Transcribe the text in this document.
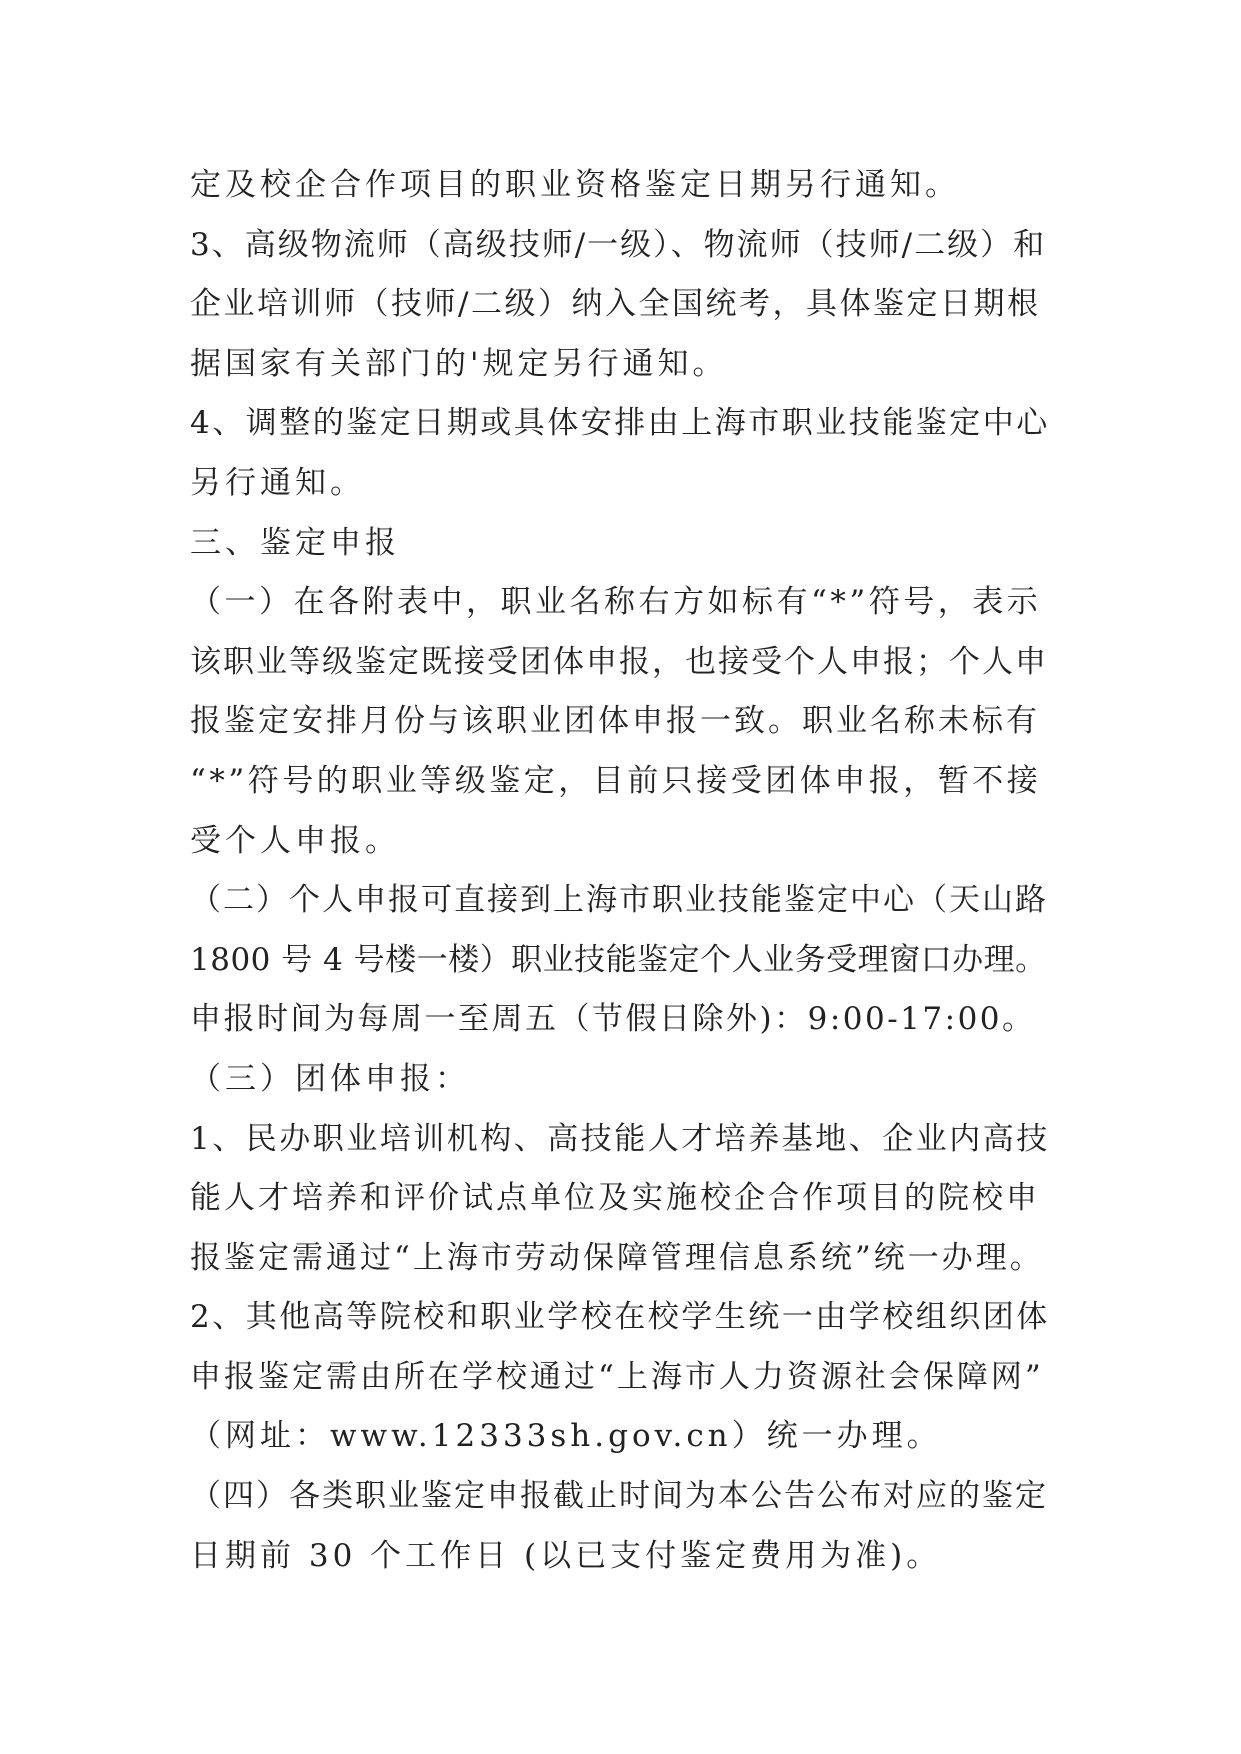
定及校企合作项目的职业资格鉴定日期另行通知。
3、高级物流师（高级技师/一级）、物流师（技师/二级）和
企业培训师（技师/二级）纳入全国统考，具体鉴定日期根
据国家有关部门的'规定另行通知。
4、调整的鉴定日期或具体安排由上海市职业技能鉴定中心
另行通知。
三、鉴定申报
（一）在各附表中，职业名称右方如标有“*”符号，表示
该职业等级鉴定既接受团体申报，也接受个人申报；个人申
报鉴定安排月份与该职业团体申报一致。职业名称未标有
“*”符号的职业等级鉴定，目前只接受团体申报，暂不接
受个人申报。
（二）个人申报可直接到上海市职业技能鉴定中心（天山路
1800 号 4 号楼一楼）职业技能鉴定个人业务受理窗口办理。
申报时间为每周一至周五（节假日除外)：9:00-17:00。
（三）团体申报：
1、民办职业培训机构、高技能人才培养基地、企业内高技
能人才培养和评价试点单位及实施校企合作项目的院校申
报鉴定需通过“上海市劳动保障管理信息系统”统一办理。
2、其他高等院校和职业学校在校学生统一由学校组织团体
申报鉴定需由所在学校通过“上海市人力资源社会保障网”
（网址：www.12333sh.gov.cn）统一办理。
（四）各类职业鉴定申报截止时间为本公告公布对应的鉴定
日期前 30 个工作日 (以已支付鉴定费用为准)。
